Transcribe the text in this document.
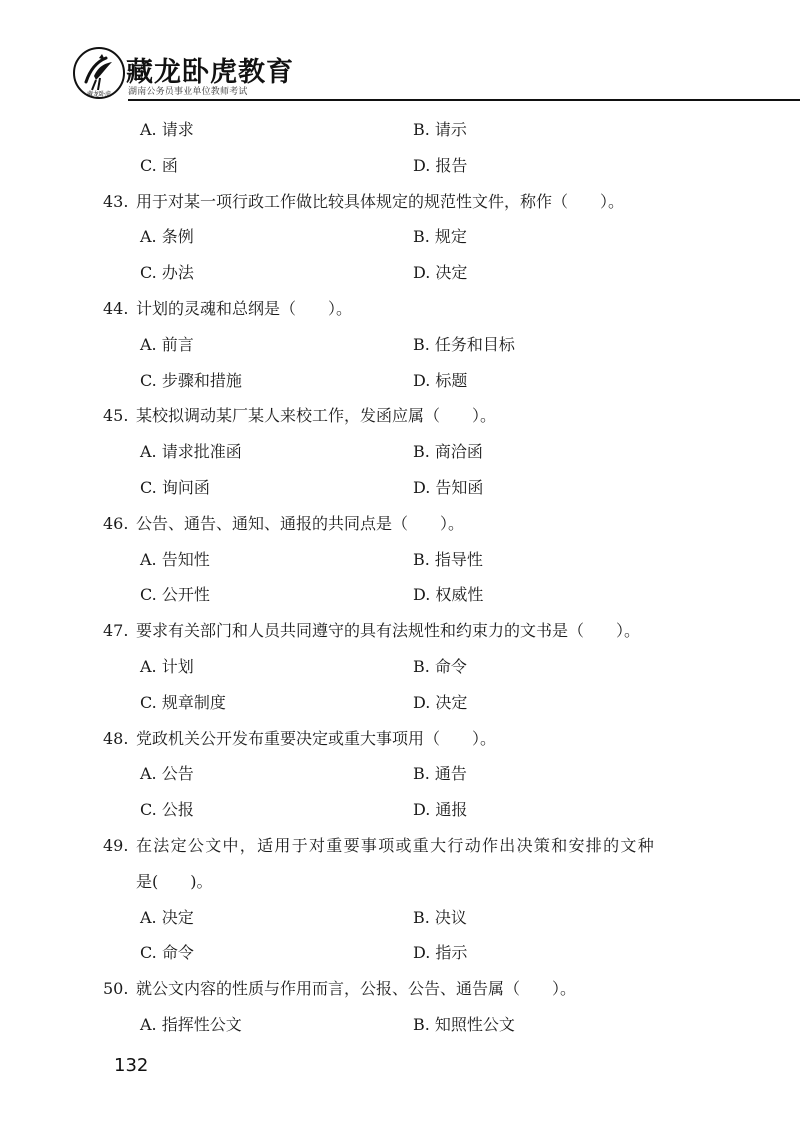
藏龙卧虎
藏龙卧虎教育
湖南公务员事业单位教师考试
A. 请求	B. 请示
C. 函	D. 报告
43. 用于对某一项行政工作做比较具体规定的规范性文件，称作（　　）。
A. 条例	B. 规定
C. 办法	D. 决定
44. 计划的灵魂和总纲是（　　）。
A. 前言	B. 任务和目标
C. 步骤和措施	D. 标题
45. 某校拟调动某厂某人来校工作，发函应属（　　）。
A. 请求批准函	B. 商洽函
C. 询问函	D. 告知函
46. 公告、通告、通知、通报的共同点是（　　）。
A. 告知性	B. 指导性
C. 公开性	D. 权威性
47. 要求有关部门和人员共同遵守的具有法规性和约束力的文书是（　　）。
A. 计划	B. 命令
C. 规章制度	D. 决定
48. 党政机关公开发布重要决定或重大事项用（　　）。
A. 公告	B. 通告
C. 公报	D. 通报
49. 在法定公文中，适用于对重要事项或重大行动作出决策和安排的文种
是(　　)。
A. 决定	B. 决议
C. 命令	D. 指示
50. 就公文内容的性质与作用而言，公报、公告、通告属（　　）。
A. 指挥性公文	B. 知照性公文
132
